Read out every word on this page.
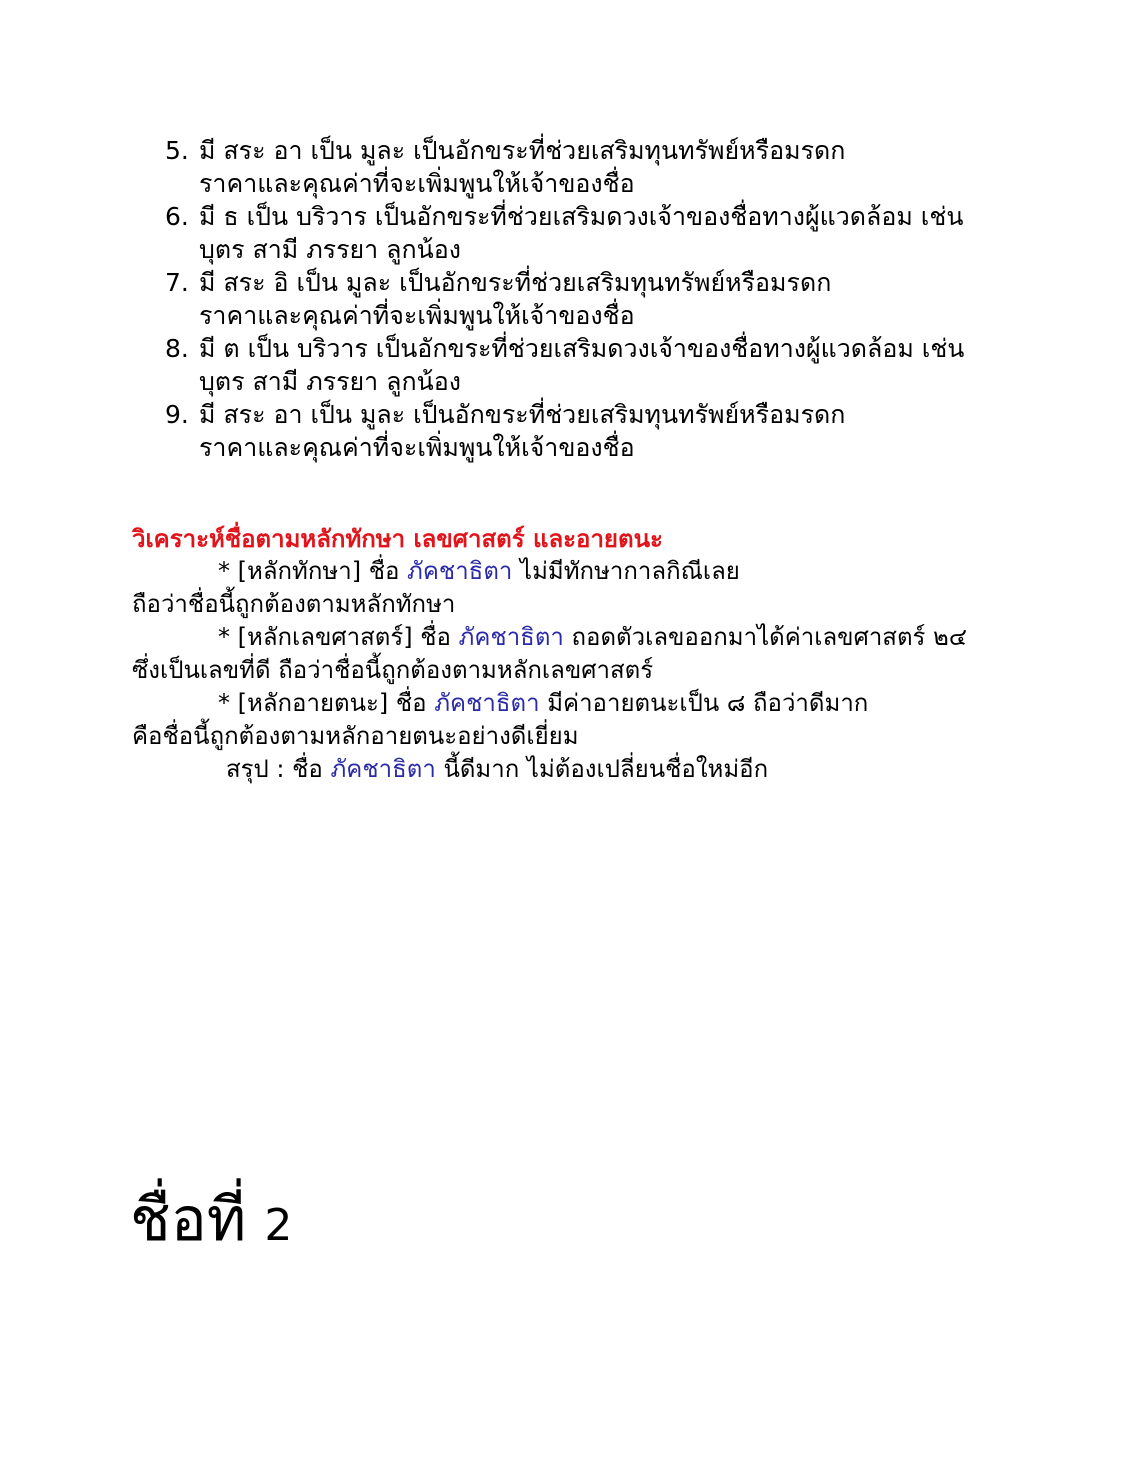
5. มี สระ อา เป็น มูละ เป็นอักขระที่ช่วยเสริมทุนทรัพย์หรือมรดก
ราคาและคุณค่าที่จะเพิ่มพูนให้เจ้าของชื่อ
6. มี ธ เป็น บริวาร เป็นอักขระที่ช่วยเสริมดวงเจ้าของชื่อทางผู้แวดล้อม เช่น
บุตร สามี ภรรยา ลูกน้อง
7. มี สระ อิ เป็น มูละ เป็นอักขระที่ช่วยเสริมทุนทรัพย์หรือมรดก
ราคาและคุณค่าที่จะเพิ่มพูนให้เจ้าของชื่อ
8. มี ต เป็น บริวาร เป็นอักขระที่ช่วยเสริมดวงเจ้าของชื่อทางผู้แวดล้อม เช่น
บุตร สามี ภรรยา ลูกน้อง
9. มี สระ อา เป็น มูละ เป็นอักขระที่ช่วยเสริมทุนทรัพย์หรือมรดก
ราคาและคุณค่าที่จะเพิ่มพูนให้เจ้าของชื่อ
วิเคราะห์ชื่อตามหลักทักษา เลขศาสตร์ และอายตนะ
* [หลักทักษา] ชื่อ ภัคชาธิตา ไม่มีทักษากาลกิณีเลย
ถือว่าชื่อนี้ถูกต้องตามหลักทักษา
* [หลักเลขศาสตร์] ชื่อ ภัคชาธิตา ถอดตัวเลขออกมาได้ค่าเลขศาสตร์ ๒๔
ซึ่งเป็นเลขที่ดี ถือว่าชื่อนี้ถูกต้องตามหลักเลขศาสตร์
* [หลักอายตนะ] ชื่อ ภัคชาธิตา มีค่าอายตนะเป็น ๘ ถือว่าดีมาก
คือชื่อนี้ถูกต้องตามหลักอายตนะอย่างดีเยี่ยม
สรุป : ชื่อ ภัคชาธิตา นี้ดีมาก ไม่ต้องเปลี่ยนชื่อใหม่อีก
ชื่อที่ 2
